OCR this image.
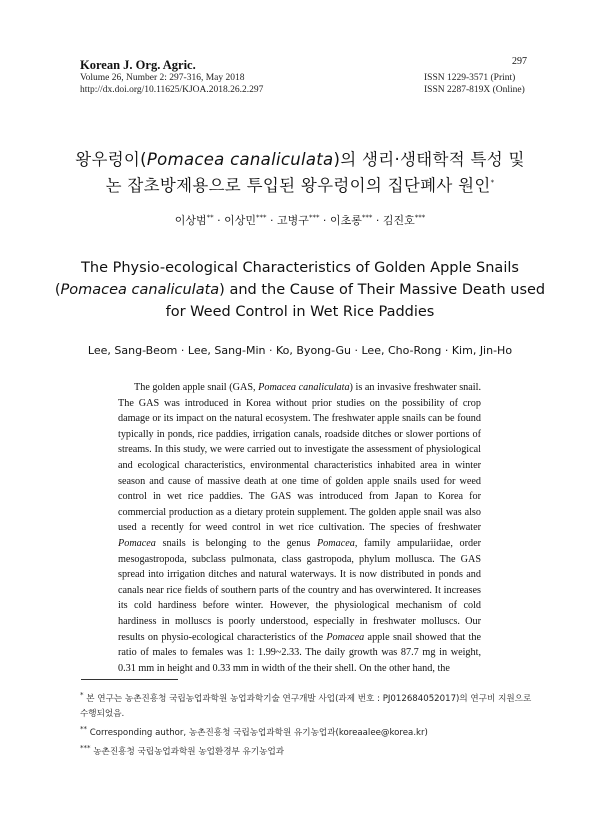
Korean J. Org. Agric.
Volume 26, Number 2: 297-316, May 2018
http://dx.doi.org/10.11625/KJOA.2018.26.2.297
297
ISSN 1229-3571 (Print)
ISSN 2287-819X (Online)
왕우렁이(Pomacea canaliculata)의 생리·생태학적 특성 및
논 잡초방제용으로 투입된 왕우렁이의 집단폐사 원인*
이상범** · 이상민*** · 고병구*** · 이초롱*** · 김진호***
The Physio-ecological Characteristics of Golden Apple Snails
(Pomacea canaliculata) and the Cause of Their Massive Death used
for Weed Control in Wet Rice Paddies
Lee, Sang-Beom · Lee, Sang-Min · Ko, Byong-Gu · Lee, Cho-Rong · Kim, Jin-Ho

The golden apple snail (GAS, Pomacea canaliculata) is an invasive freshwater snail. The GAS was introduced in Korea without prior studies on the possibility of crop damage or its impact on the natural ecosystem. The freshwater apple snails can be found typically in ponds, rice paddies, irrigation canals, roadside ditches or slower portions of streams. In this study, we were carried out to investigate the assessment of physiological and ecological characteristics, environmental characteristics inhabited area in winter season and cause of massive death at one time of golden apple snails used for weed control in wet rice paddies. The GAS was introduced from Japan to Korea for commercial production as a dietary protein supplement. The golden apple snail was also used a recently for weed control in wet rice cultivation. The species of freshwater Pomacea snails is belonging to the genus Pomacea, family ampulariidae, order mesogastropoda, subclass pulmonata, class gastropoda, phylum mollusca. The GAS spread into irrigation ditches and natural waterways. It is now distributed in ponds and canals near rice fields of southern parts of the country and has overwintered. It increases its cold hardiness before winter. However, the physiological mechanism of cold hardiness in molluscs is poorly understood, especially in freshwater molluscs. Our results on physio-ecological characteristics of the Pomacea apple snail showed that the ratio of males to females was 1: 1.99~2.33. The daily growth was 87.7 mg in weight, 0.31 mm in height and 0.33 mm in width of the their shell. On the other hand, the

* 본 연구는 농촌진흥청 국립농업과학원 농업과학기술 연구개발 사업(과제 번호 : PJ012684052017)의 연구비 지원으로 수행되었음.
** Corresponding author, 농촌진흥청 국립농업과학원 유기농업과(koreaalee@korea.kr)
*** 농촌진흥청 국립농업과학원 농업환경부 유기농업과
